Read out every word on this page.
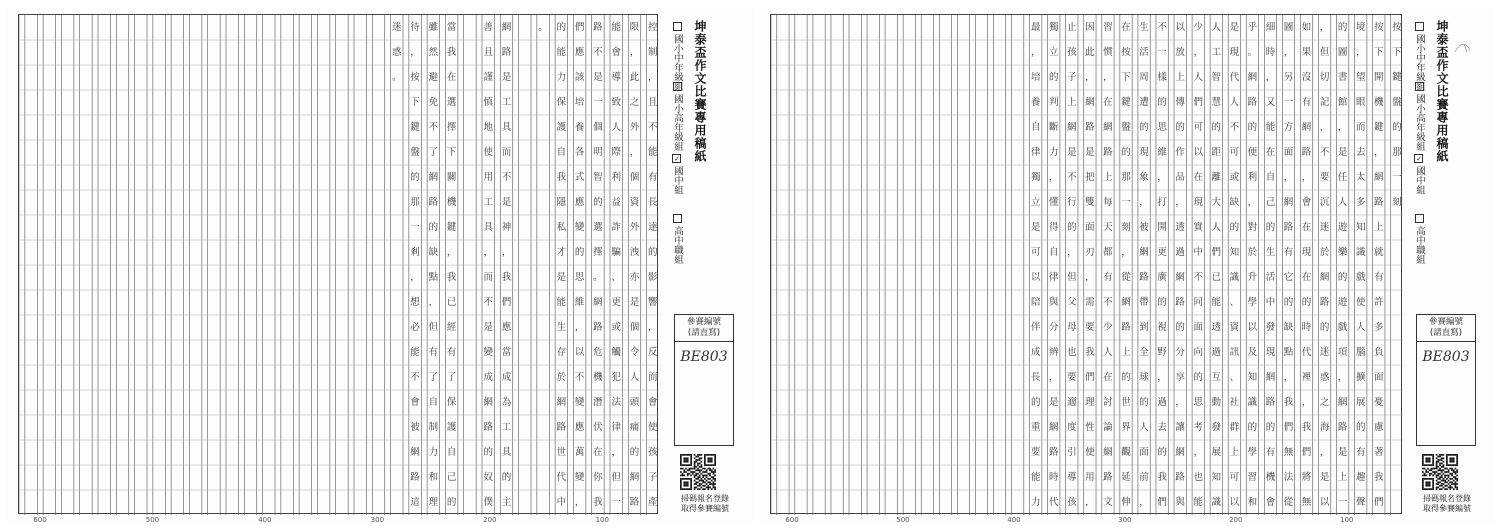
控
制
，
且
不
能
有
長
達
的
影
響
，
反
而
會
使
孩
子
產
限
，
此
之
外
，
個
資
外
洩
亦
是
個
令
人
頭
痛
的
網
路
能
會
導
致
人
際
利
益
詐
騙
、
更
或
觸
犯
法
律
，
但
一
路
不
是
一
個
明
智
的
選
擇
。
網
路
危
機
潛
伏
在
你
我
們
應
該
培
養
各
式
應
變
的
思
維
，
以
不
變
應
萬
變
，
的
能
力
保
護
自
我
隱
私
才
是
能
生
存
於
網
路
世
代
中
。
網
路
是
工
具
而
不
是
神
，
我
們
應
當
成
為
工
具
的
主
善
且
謹
慎
地
使
用
工
具
，
而
不
是
變
成
網
路
的
奴
僕
當
我
在
選
擇
下
關
機
鍵
，
我
已
經
有
了
保
護
自
己
的
雖
然
避
免
不
了
網
路
的
缺
點
，
但
有
了
自
制
力
和
理
待
，
按
下
鍵
盤
的
那
一
剎
，
想
必
能
不
會
被
網
路
這
迷
惑
。
600	500	400	300	200	100
坤泰盃作文比賽專用稿紙
國小中年級組
國小高年級組
✓國中組
高中職組
參賽編號
(請直寫)
BE803
掃碼報名登錄
取得參賽編號
按
下
鍵
盤
的
那
一
刻
按
下
開
機
鍵
，
網
路
上
就
有
許
多
負
面
憂
慮
著
我
們
境
，
望
眼
而
去
太
多
知
識
戲
使
人
腦
擴
展
的
有
趣
聲
的
圖
書
館
，
是
任
人
遊
樂
的
遊
戲
項
，
網
路
是
上
一
，
但
切
記
，
不
要
沉
迷
於
網
路
的
迷
惑
之
海
，
是
以
如
果
沒
有
網
路
，
會
在
現
在
的
時
代
裡
，
我
們
將
無
圖
，
另
一
方
面
，
網
路
有
它
的
缺
點
，
我
們
無
法
從
細
時
，
又
能
在
自
己
的
生
活
中
發
現
網
路
的
有
機
會
乎
。
網
路
的
便
利
，
對
於
升
學
以
及
知
識
的
學
習
和
是
現
代
人
不
可
或
缺
的
知
識
、
資
訊
、
社
群
上
可
以
人
工
智
慧
的
距
離
大
人
們
已
能
透
過
互
動
發
展
知
識
少
，
人
們
可
以
在
現
實
中
不
同
面
向
的
思
考
，
也
能
以
放
上
傳
的
作
品
，
透
過
網
路
的
分
享
，
讓
網
路
與
不
一
樣
的
思
維
，
打
開
更
廣
的
視
野
，
過
去
的
我
們
生
活
周
遭
的
現
象
，
被
網
路
帶
到
全
球
的
人
面
前
，
在
按
下
鍵
盤
的
那
一
刻
，
從
網
路
上
的
世
界
觀
延
伸
習
慣
，
在
網
路
上
每
天
都
有
不
少
人
在
討
論
網
路
文
因
此
，
網
路
是
把
雙
面
刃
，
需
要
我
們
理
性
使
用
，
止
孩
子
上
網
是
不
行
的
，
但
父
母
也
要
適
度
引
導
孩
獨
立
的
判
斷
力
，
懂
得
自
律
與
分
辨
，
是
網
路
時
代
最
，
培
養
自
律
獨
立
是
可
以
陪
伴
成
長
的
重
要
能
力
600	500	400	300	200	100
坤泰盃作文比賽專用稿紙
國小中年級組
國小高年級組
✓國中組
高中職組
參賽編號
(請直寫)
BE803
掃碼報名登錄
取得參賽編號
